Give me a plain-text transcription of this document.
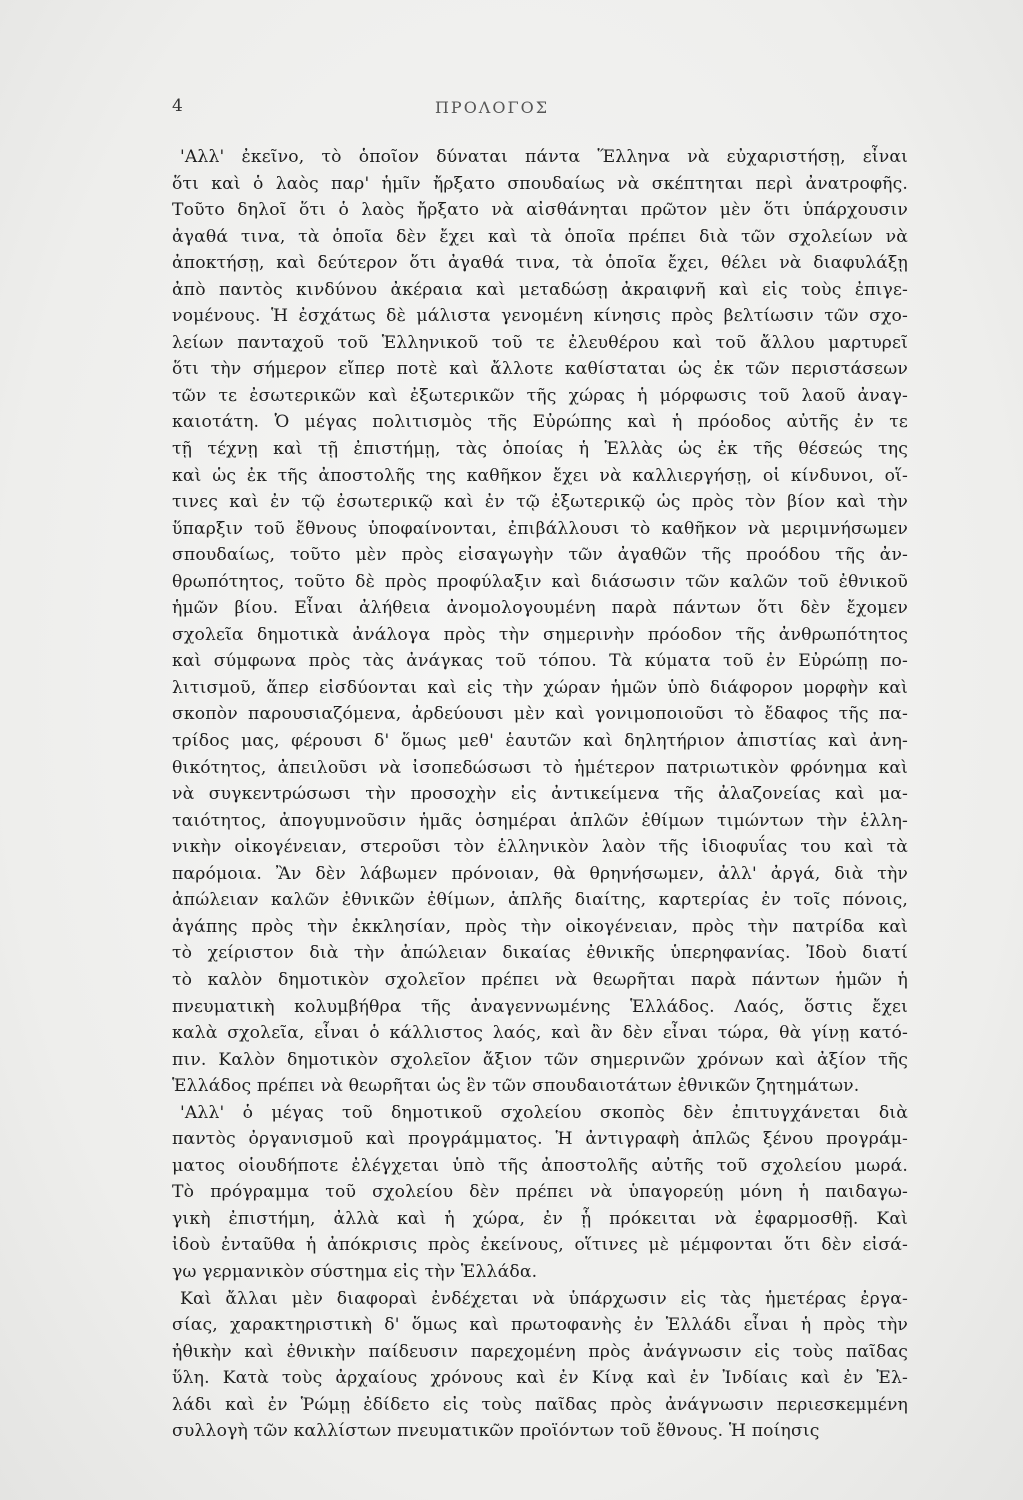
4	ΠΡΟΛΟΓΟΣ
'Αλλ' ἐκεῖνο, τὸ ὁποῖον δύναται πάντα Ἕλληνα νὰ εὐχαριστήσῃ, εἶναι
ὅτι καὶ ὁ λαὸς παρ' ἡμῖν ἤρξατο σπουδαίως νὰ σκέπτηται περὶ ἀνατροφῆς.
Τοῦτο δηλοῖ ὅτι ὁ λαὸς ἤρξατο νὰ αἰσθάνηται πρῶτον μὲν ὅτι ὑπάρχουσιν
ἀγαθά τινα, τὰ ὁποῖα δὲν ἔχει καὶ τὰ ὁποῖα πρέπει διὰ τῶν σχολείων νὰ
ἀποκτήσῃ, καὶ δεύτερον ὅτι ἀγαθά τινα, τὰ ὁποῖα ἔχει, θέλει νὰ διαφυλάξῃ
ἀπὸ παντὸς κινδύνου ἀκέραια καὶ μεταδώσῃ ἀκραιφνῆ καὶ εἰς τοὺς ἐπιγε-
νομένους. Ἡ ἐσχάτως δὲ μάλιστα γενομένη κίνησις πρὸς βελτίωσιν τῶν σχο-
λείων πανταχοῦ τοῦ Ἑλληνικοῦ τοῦ τε ἐλευθέρου καὶ τοῦ ἄλλου μαρτυρεῖ
ὅτι τὴν σήμερον εἴπερ ποτὲ καὶ ἄλλοτε καθίσταται ὡς ἐκ τῶν περιστάσεων
τῶν τε ἐσωτερικῶν καὶ ἐξωτερικῶν τῆς χώρας ἡ μόρφωσις τοῦ λαοῦ ἀναγ-
καιοτάτη. Ὁ μέγας πολιτισμὸς τῆς Εὐρώπης καὶ ἡ πρόοδος αὐτῆς ἐν τε
τῇ τέχνῃ καὶ τῇ ἐπιστήμῃ, τὰς ὁποίας ἡ Ἑλλὰς ὡς ἐκ τῆς θέσεώς της
καὶ ὡς ἐκ τῆς ἀποστολῆς της καθῆκον ἔχει νὰ καλλιεργήσῃ, οἱ κίνδυνοι, οἵ-
τινες καὶ ἐν τῷ ἐσωτερικῷ καὶ ἐν τῷ ἐξωτερικῷ ὡς πρὸς τὸν βίον καὶ τὴν
ὕπαρξιν τοῦ ἔθνους ὑποφαίνονται, ἐπιβάλλουσι τὸ καθῆκον νὰ μεριμνήσωμεν
σπουδαίως, τοῦτο μὲν πρὸς εἰσαγωγὴν τῶν ἀγαθῶν τῆς προόδου τῆς ἀν-
θρωπότητος, τοῦτο δὲ πρὸς προφύλαξιν καὶ διάσωσιν τῶν καλῶν τοῦ ἐθνικοῦ
ἡμῶν βίου. Εἶναι ἀλήθεια ἀνομολογουμένη παρὰ πάντων ὅτι δὲν ἔχομεν
σχολεῖα δημοτικὰ ἀνάλογα πρὸς τὴν σημερινὴν πρόοδον τῆς ἀνθρωπότητος
καὶ σύμφωνα πρὸς τὰς ἀνάγκας τοῦ τόπου. Τὰ κύματα τοῦ ἐν Εὐρώπῃ πο-
λιτισμοῦ, ἅπερ εἰσδύονται καὶ εἰς τὴν χώραν ἡμῶν ὑπὸ διάφορον μορφὴν καὶ
σκοπὸν παρουσιαζόμενα, ἀρδεύουσι μὲν καὶ γονιμοποιοῦσι τὸ ἔδαφος τῆς πα-
τρίδος μας, φέρουσι δ' ὅμως μεθ' ἑαυτῶν καὶ δηλητήριον ἀπιστίας καὶ ἀνη-
θικότητος, ἀπειλοῦσι νὰ ἰσοπεδώσωσι τὸ ἡμέτερον πατριωτικὸν φρόνημα καὶ
νὰ συγκεντρώσωσι τὴν προσοχὴν εἰς ἀντικείμενα τῆς ἀλαζονείας καὶ μα-
ταιότητος, ἀπογυμνοῦσιν ἡμᾶς ὁσημέραι ἁπλῶν ἐθίμων τιμώντων τὴν ἑλλη-
νικὴν οἰκογένειαν, στεροῦσι τὸν ἑλληνικὸν λαὸν τῆς ἰδιοφυΐας του καὶ τὰ
παρόμοια. Ἂν δὲν λάβωμεν πρόνοιαν, θὰ θρηνήσωμεν, ἀλλ' ἀργά, διὰ τὴν
ἀπώλειαν καλῶν ἐθνικῶν ἐθίμων, ἁπλῆς διαίτης, καρτερίας ἐν τοῖς πόνοις,
ἀγάπης πρὸς τὴν ἐκκλησίαν, πρὸς τὴν οἰκογένειαν, πρὸς τὴν πατρίδα καὶ
τὸ χείριστον διὰ τὴν ἀπώλειαν δικαίας ἐθνικῆς ὑπερηφανίας. Ἰδοὺ διατί
τὸ καλὸν δημοτικὸν σχολεῖον πρέπει νὰ θεωρῆται παρὰ πάντων ἡμῶν ἡ
πνευματικὴ κολυμβήθρα τῆς ἀναγεννωμένης Ἑλλάδος. Λαός, ὅστις ἔχει
καλὰ σχολεῖα, εἶναι ὁ κάλλιστος λαός, καὶ ἂν δὲν εἶναι τώρα, θὰ γίνῃ κατό-
πιν. Καλὸν δημοτικὸν σχολεῖον ἄξιον τῶν σημερινῶν χρόνων καὶ ἀξίον τῆς
Ἑλλάδος πρέπει νὰ θεωρῆται ὡς ἓν τῶν σπουδαιοτάτων ἐθνικῶν ζητημάτων.
'Αλλ' ὁ μέγας τοῦ δημοτικοῦ σχολείου σκοπὸς δὲν ἐπιτυγχάνεται διὰ
παντὸς ὀργανισμοῦ καὶ προγράμματος. Ἡ ἀντιγραφὴ ἁπλῶς ξένου προγράμ-
ματος οἱουδήποτε ἐλέγχεται ὑπὸ τῆς ἀποστολῆς αὐτῆς τοῦ σχολείου μωρά.
Τὸ πρόγραμμα τοῦ σχολείου δὲν πρέπει νὰ ὑπαγορεύῃ μόνη ἡ παιδαγω-
γικὴ ἐπιστήμη, ἀλλὰ καὶ ἡ χώρα, ἐν ᾗ πρόκειται νὰ ἐφαρμοσθῇ. Καὶ
ἰδοὺ ἐνταῦθα ἡ ἀπόκρισις πρὸς ἐκείνους, οἵτινες μὲ μέμφονται ὅτι δὲν εἰσά-
γω γερμανικὸν σύστημα εἰς τὴν Ἑλλάδα.
Καὶ ἄλλαι μὲν διαφοραὶ ἐνδέχεται νὰ ὑπάρχωσιν εἰς τὰς ἡμετέρας ἐργα-
σίας, χαρακτηριστικὴ δ' ὅμως καὶ πρωτοφανὴς ἐν Ἑλλάδι εἶναι ἡ πρὸς τὴν
ἠθικὴν καὶ ἐθνικὴν παίδευσιν παρεχομένη πρὸς ἀνάγνωσιν εἰς τοὺς παῖδας
ὕλη. Κατὰ τοὺς ἀρχαίους χρόνους καὶ ἐν Κίνᾳ καὶ ἐν Ἰνδίαις καὶ ἐν Ἑλ-
λάδι καὶ ἐν Ῥώμῃ ἐδίδετο εἰς τοὺς παῖδας πρὸς ἀνάγνωσιν περιεσκεμμένη
συλλογὴ τῶν καλλίστων πνευματικῶν προϊόντων τοῦ ἔθνους. Ἡ ποίησις
